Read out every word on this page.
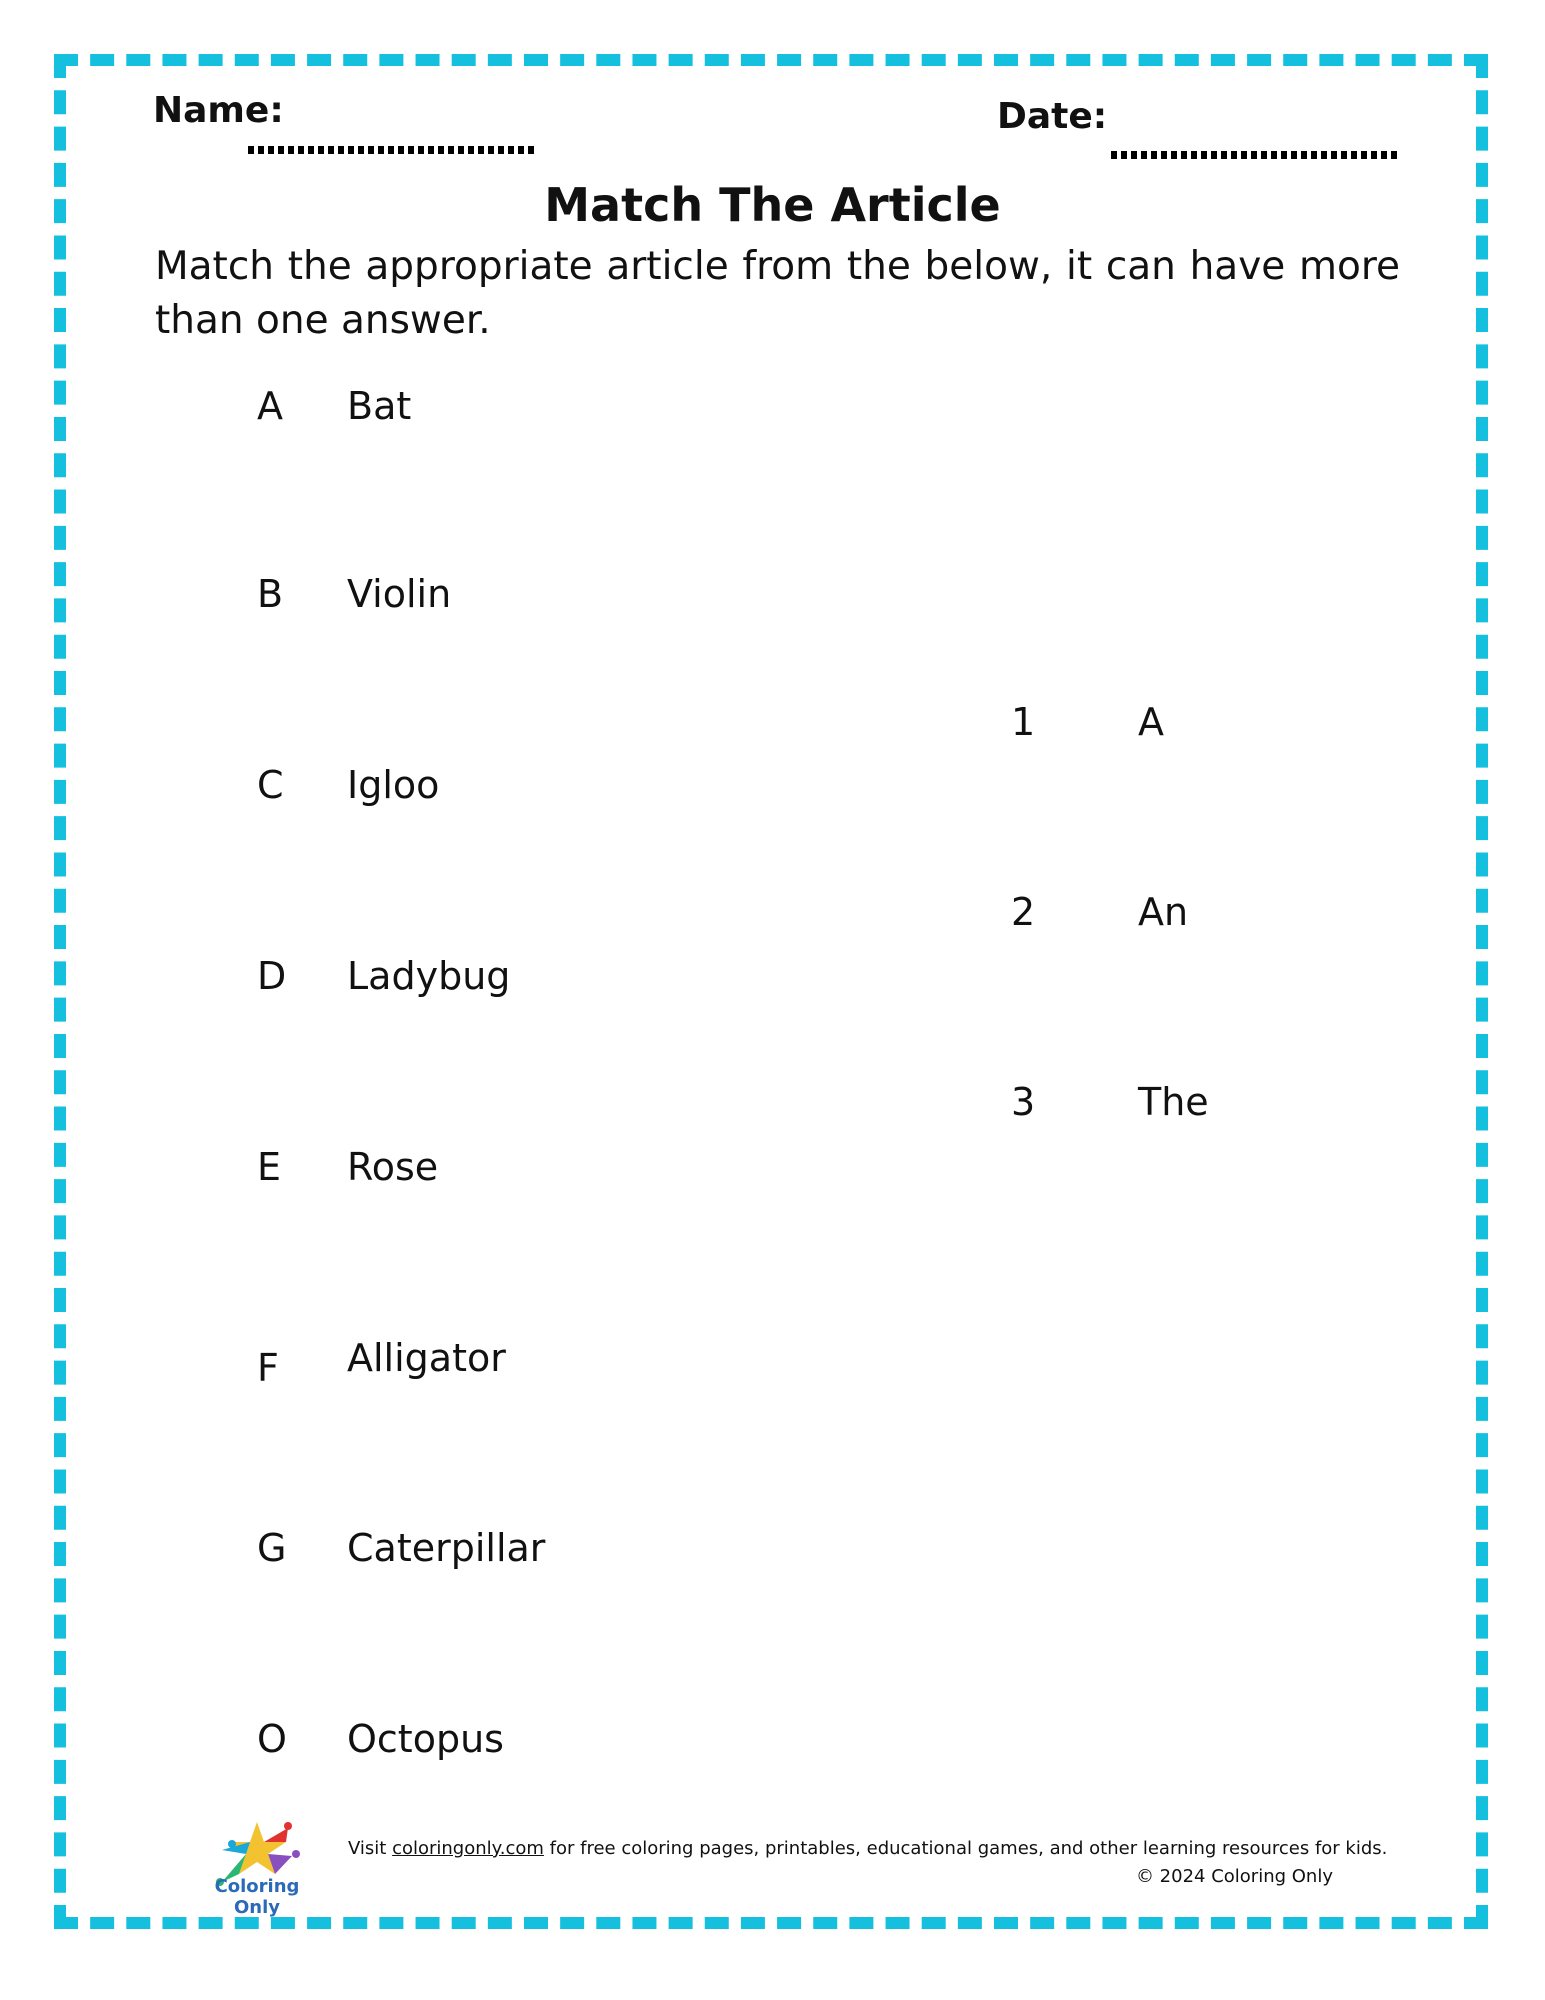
Name:	Date:
Match The Article
Match the appropriate article from the below, it can have more than one answer.
A Bat
B Violin
C Igloo
D Ladybug
E Rose
F Alligator
G Caterpillar
O Octopus
1	A
2	An
3	The
Coloring Only
Visit coloringonly.com for free coloring pages, printables, educational games, and other learning resources for kids.
© 2024 Coloring Only
